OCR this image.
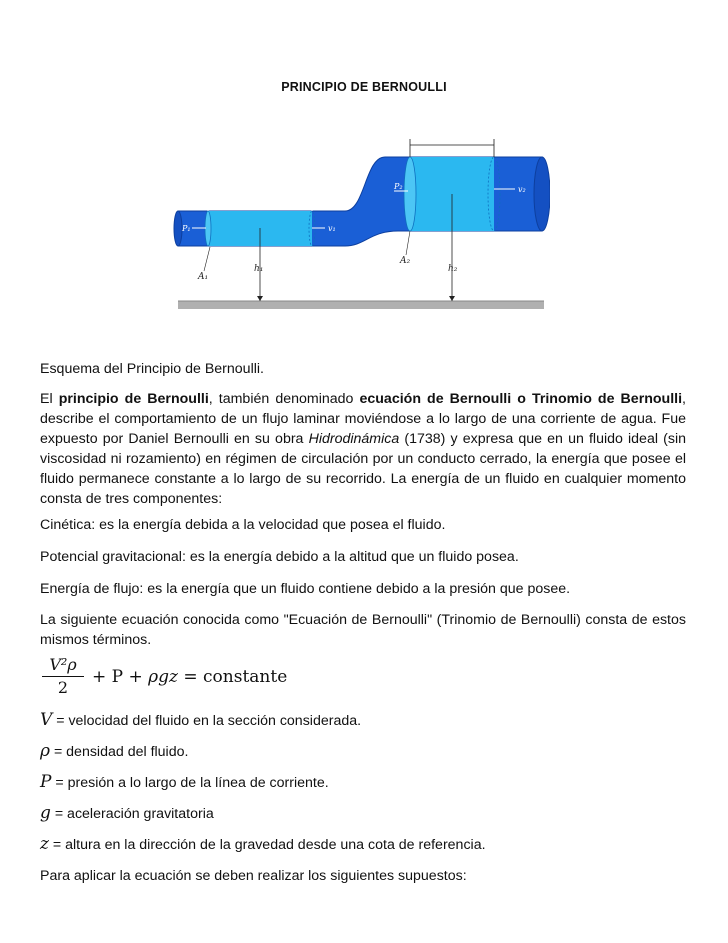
PRINCIPIO DE BERNOULLI
v₂ Δt = s₂
v₁ Δt = s₁
P₁
P₂
v₁
v₂
A₁
A₂
h₁	h₂
Esquema del Principio de Bernoulli.
El principio de Bernoulli, también denominado ecuación de Bernoulli o Trinomio de Bernoulli, describe el comportamiento de un flujo laminar moviéndose a lo largo de una corriente de agua. Fue expuesto por Daniel Bernoulli en su obra Hidrodinámica (1738) y expresa que en un fluido ideal (sin viscosidad ni rozamiento) en régimen de circulación por un conducto cerrado, la energía que posee el fluido permanece constante a lo largo de su recorrido. La energía de un fluido en cualquier momento consta de tres componentes:
Cinética: es la energía debida a la velocidad que posea el fluido.
Potencial gravitacional: es la energía debido a la altitud que un fluido posea.
Energía de flujo: es la energía que un fluido contiene debido a la presión que posee.
La siguiente ecuación conocida como "Ecuación de Bernoulli" (Trinomio de Bernoulli) consta de estos mismos términos.
V²ρ
2
+ P + ρgz = constante
V = velocidad del fluido en la sección considerada.
ρ = densidad del fluido.
P = presión a lo largo de la línea de corriente.
g = aceleración gravitatoria
z = altura en la dirección de la gravedad desde una cota de referencia.
Para aplicar la ecuación se deben realizar los siguientes supuestos:
